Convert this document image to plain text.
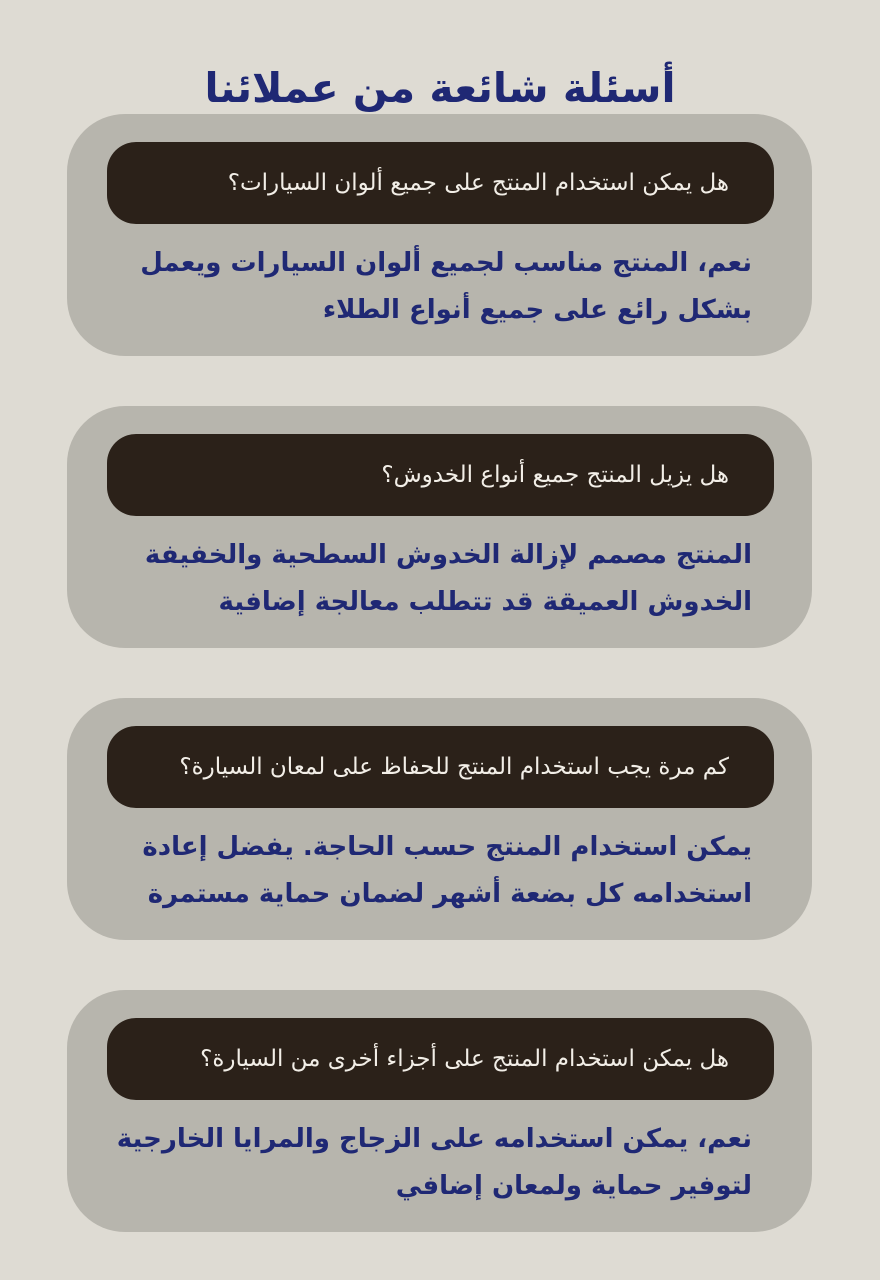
أسئلة شائعة من عملائنا
هل يمكن استخدام المنتج على جميع ألوان السيارات؟
نعم، المنتج مناسب لجميع ألوان السيارات ويعمل
بشكل رائع على جميع أنواع الطلاء
هل يزيل المنتج جميع أنواع الخدوش؟
المنتج مصمم لإزالة الخدوش السطحية والخفيفة
الخدوش العميقة قد تتطلب معالجة إضافية
كم مرة يجب استخدام المنتج للحفاظ على لمعان السيارة؟
يمكن استخدام المنتج حسب الحاجة. يفضل إعادة
استخدامه كل بضعة أشهر لضمان حماية مستمرة
هل يمكن استخدام المنتج على أجزاء أخرى من السيارة؟
نعم، يمكن استخدامه على الزجاج والمرايا الخارجية
لتوفير حماية ولمعان إضافي
